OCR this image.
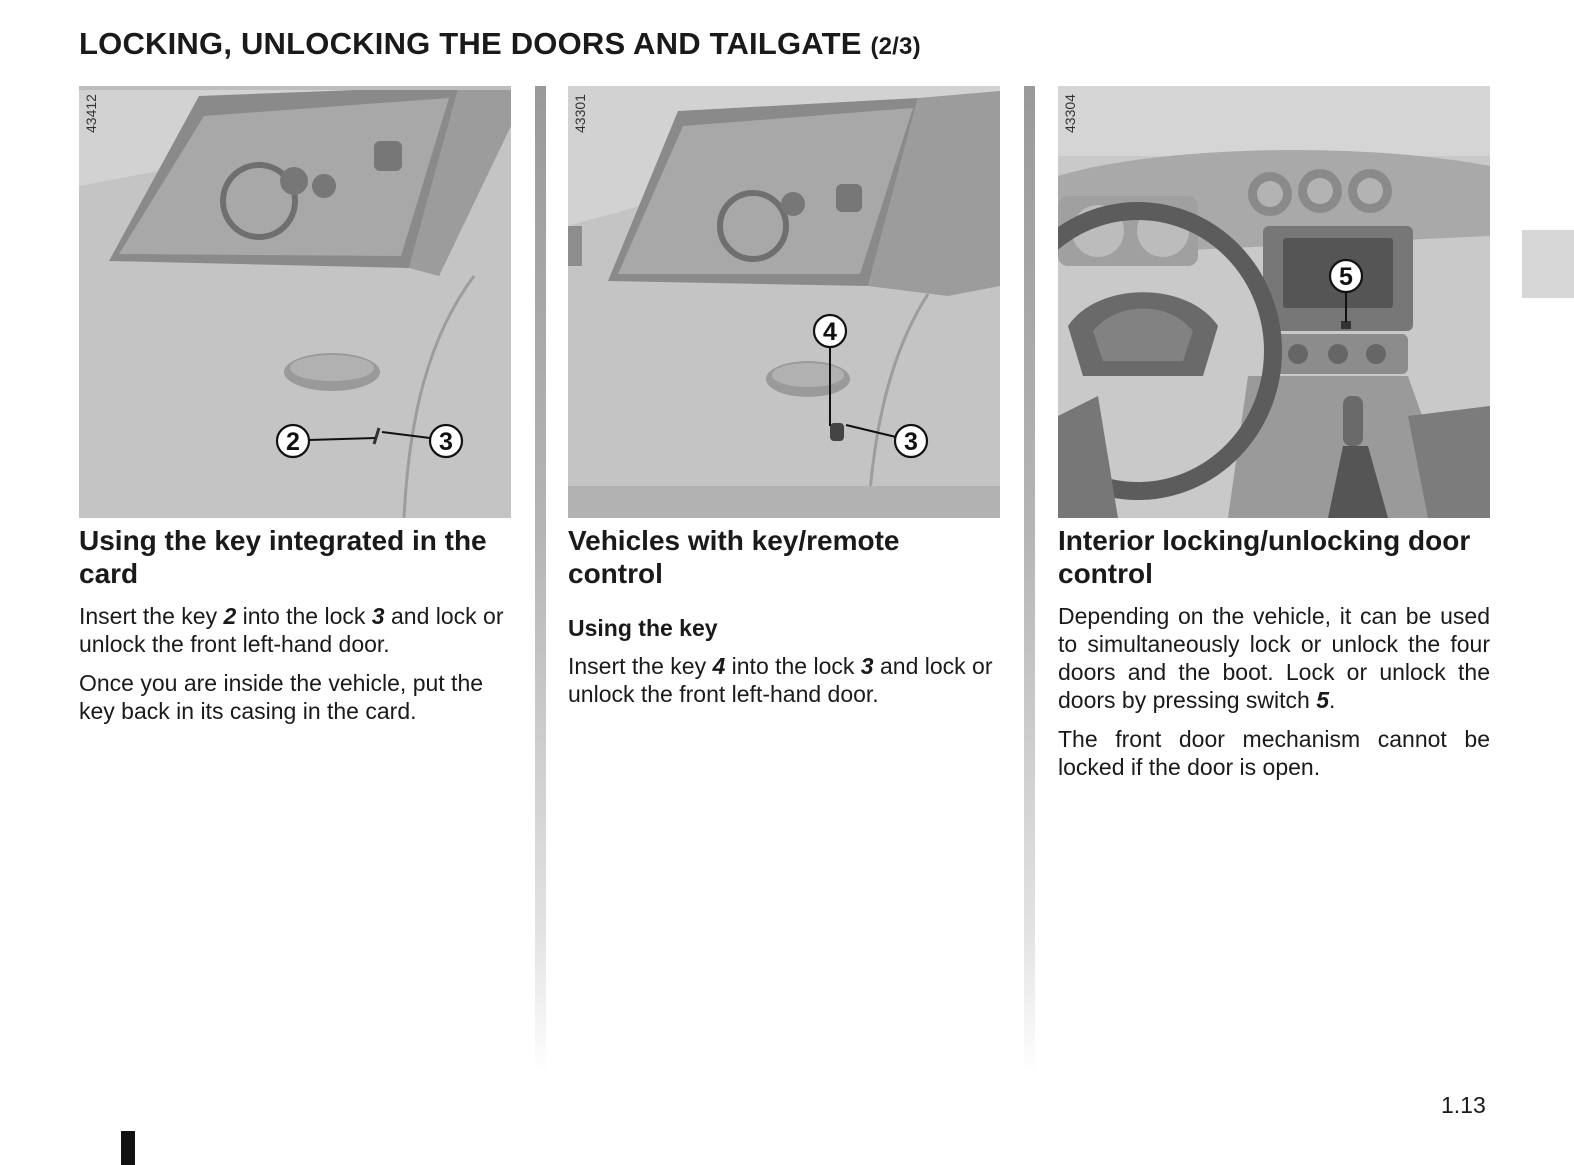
LOCKING, UNLOCKING THE DOORS AND TAILGATE (2/3)
1.13
2	3
43412
4
3
43301
5
43304
Using the key integrated in the card

Insert the key 2 into the lock 3 and lock or unlock the front left-hand door.

Once you are inside the vehicle, put the key back in its casing in the card.

Vehicles with key/remote control
Using the key

Insert the key 4 into the lock 3 and lock or unlock the front left-hand door.

Interior locking/unlocking door control

Depending on the vehicle, it can be used to simultaneously lock or unlock the four doors and the boot. Lock or unlock the doors by pressing switch 5.

The front door mechanism cannot be locked if the door is open.
